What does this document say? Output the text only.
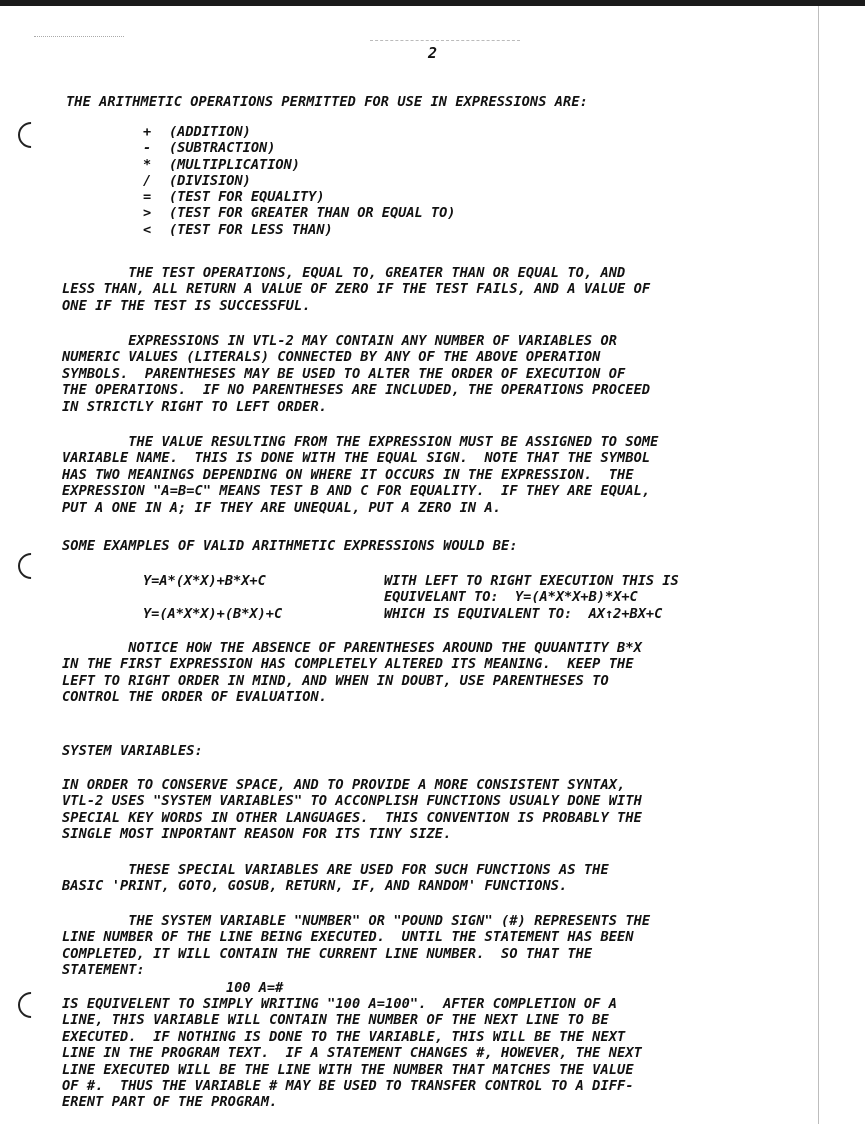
2

THE ARITHMETIC OPERATIONS PERMITTED FOR USE IN EXPRESSIONS ARE:

+ (ADDITION)
- (SUBTRACTION)
* (MULTIPLICATION)
/ (DIVISION)
= (TEST FOR EQUALITY)
> (TEST FOR GREATER THAN OR EQUAL TO)
< (TEST FOR LESS THAN)

THE TEST OPERATIONS, EQUAL TO, GREATER THAN OR EQUAL TO, AND
LESS THAN, ALL RETURN A VALUE OF ZERO IF THE TEST FAILS, AND A VALUE OF
ONE IF THE TEST IS SUCCESSFUL.

EXPRESSIONS IN VTL-2 MAY CONTAIN ANY NUMBER OF VARIABLES OR
NUMERIC VALUES (LITERALS) CONNECTED BY ANY OF THE ABOVE OPERATION
SYMBOLS.  PARENTHESES MAY BE USED TO ALTER THE ORDER OF EXECUTION OF
THE OPERATIONS.  IF NO PARENTHESES ARE INCLUDED, THE OPERATIONS PROCEED
IN STRICTLY RIGHT TO LEFT ORDER.

THE VALUE RESULTING FROM THE EXPRESSION MUST BE ASSIGNED TO SOME
VARIABLE NAME.  THIS IS DONE WITH THE EQUAL SIGN.  NOTE THAT THE SYMBOL
HAS TWO MEANINGS DEPENDING ON WHERE IT OCCURS IN THE EXPRESSION.  THE
EXPRESSION "A=B=C" MEANS TEST B AND C FOR EQUALITY.  IF THEY ARE EQUAL,
PUT A ONE IN A; IF THEY ARE UNEQUAL, PUT A ZERO IN A.

SOME EXAMPLES OF VALID ARITHMETIC EXPRESSIONS WOULD BE:

Y=A*(X*X)+B*X+C	WITH LEFT TO RIGHT EXECUTION THIS IS
EQUIVELANT TO:  Y=(A*X*X+B)*X+C

Y=(A*X*X)+(B*X)+C	WHICH IS EQUIVALENT TO:  AX↑2+BX+C

NOTICE HOW THE ABSENCE OF PARENTHESES AROUND THE QUUANTITY B*X
IN THE FIRST EXPRESSION HAS COMPLETELY ALTERED ITS MEANING.  KEEP THE
LEFT TO RIGHT ORDER IN MIND, AND WHEN IN DOUBT, USE PARENTHESES TO
CONTROL THE ORDER OF EVALUATION.

SYSTEM VARIABLES:

IN ORDER TO CONSERVE SPACE, AND TO PROVIDE A MORE CONSISTENT SYNTAX,
VTL-2 USES "SYSTEM VARIABLES" TO ACCONPLISH FUNCTIONS USUALY DONE WITH
SPECIAL KEY WORDS IN OTHER LANGUAGES.  THIS CONVENTION IS PROBABLY THE
SINGLE MOST INPORTANT REASON FOR ITS TINY SIZE.

THESE SPECIAL VARIABLES ARE USED FOR SUCH FUNCTIONS AS THE
BASIC 'PRINT, GOTO, GOSUB, RETURN, IF, AND RANDOM' FUNCTIONS.

THE SYSTEM VARIABLE "NUMBER" OR "POUND SIGN" (#) REPRESENTS THE
LINE NUMBER OF THE LINE BEING EXECUTED.  UNTIL THE STATEMENT HAS BEEN
COMPLETED, IT WILL CONTAIN THE CURRENT LINE NUMBER.  SO THAT THE
STATEMENT:

100 A=#

IS EQUIVELENT TO SIMPLY WRITING "100 A=100".  AFTER COMPLETION OF A
LINE, THIS VARIABLE WILL CONTAIN THE NUMBER OF THE NEXT LINE TO BE
EXECUTED.  IF NOTHING IS DONE TO THE VARIABLE, THIS WILL BE THE NEXT
LINE IN THE PROGRAM TEXT.  IF A STATEMENT CHANGES #, HOWEVER, THE NEXT
LINE EXECUTED WILL BE THE LINE WITH THE NUMBER THAT MATCHES THE VALUE
OF #.  THUS THE VARIABLE # MAY BE USED TO TRANSFER CONTROL TO A DIFF-
ERENT PART OF THE PROGRAM.
